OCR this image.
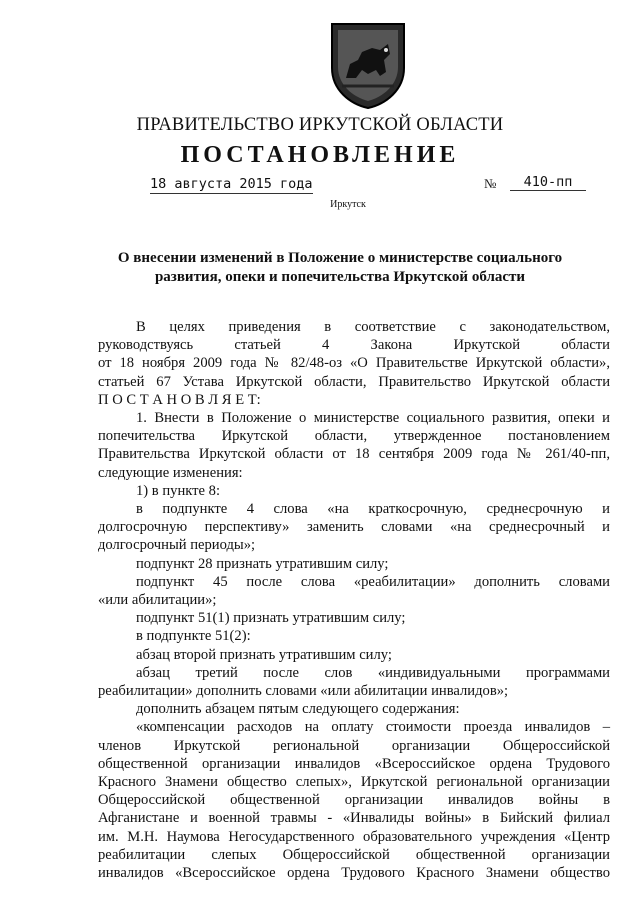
ПРАВИТЕЛЬСТВО ИРКУТСКОЙ ОБЛАСТИ
ПОСТАНОВЛЕНИЕ
18 августа 2015 года	№	410-пп
Иркутск
О внесении изменений в Положение о министерстве социального
развития, опеки и попечительства Иркутской области

В целях приведения в соответствие с законодательством,

руководствуясь статьей 4 Закона Иркутской области

от 18 ноября 2009 года № 82/48-оз «О Правительстве Иркутской области»,

статьей 67 Устава Иркутской области, Правительство Иркутской области

П О С Т А Н О В Л Я Е Т:

1. Внести в Положение о министерстве социального развития, опеки и

попечительства Иркутской области, утвержденное постановлением

Правительства Иркутской области от 18 сентября 2009 года № 261/40-пп,

следующие изменения:

1) в пункте 8:

в подпункте 4 слова «на краткосрочную, среднесрочную и

долгосрочную перспективу» заменить словами «на среднесрочный и

долгосрочный периоды»;

подпункт 28 признать утратившим силу;

подпункт 45 после слова «реабилитации» дополнить словами

«или абилитации»;

подпункт 51(1) признать утратившим силу;

в подпункте 51(2):

абзац второй признать утратившим силу;

абзац третий после слов «индивидуальными программами

реабилитации» дополнить словами «или абилитации инвалидов»;

дополнить абзацем пятым следующего содержания:

«компенсации расходов на оплату стоимости проезда инвалидов –

членов Иркутской региональной организации Общероссийской

общественной организации инвалидов «Всероссийское ордена Трудового

Красного Знамени общество слепых», Иркутской региональной организации

Общероссийской общественной организации инвалидов войны в

Афганистане и военной травмы - «Инвалиды войны» в Бийский филиал

им. М.Н. Наумова Негосударственного образовательного учреждения «Центр

реабилитации слепых Общероссийской общественной организации

инвалидов «Всероссийское ордена Трудового Красного Знамени общество
